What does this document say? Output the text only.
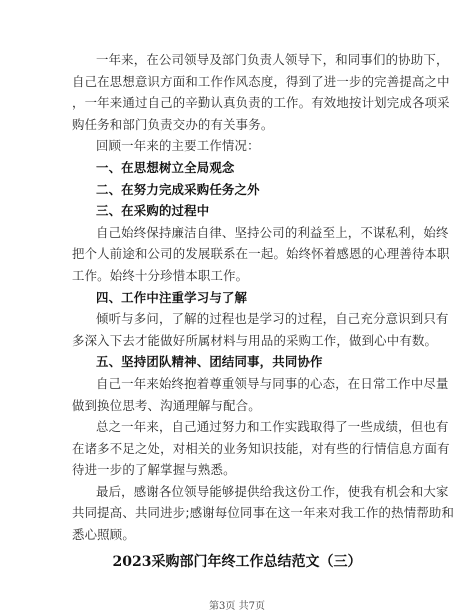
一年来，在公司领导及部门负责人领导下，和同事们的协助下，
自己在思想意识方面和工作作风态度，得到了进一步的完善提高之中
，一年来通过自己的辛勤认真负责的工作。有效地按计划完成各项采
购任务和部门负责交办的有关事务。
回顾一年来的主要工作情况：
一、在思想树立全局观念
二、在努力完成采购任务之外
三、在采购的过程中
自己始终保持廉洁自律、坚持公司的利益至上，不谋私利，始终
把个人前途和公司的发展联系在一起。始终怀着感恩的心理善待本职
工作。始终十分珍惜本职工作。
四、工作中注重学习与了解
倾听与多问，了解的过程也是学习的过程，自己充分意识到只有
多深入下去才能做好所属材料与用品的采购工作，做到心中有数。
五、坚持团队精神、团结同事，共同协作
自己一年来始终抱着尊重领导与同事的心态，在日常工作中尽量
做到换位思考、沟通理解与配合。
总之一年来，自己通过努力和工作实践取得了一些成绩，但也有
在诸多不足之处，对相关的业务知识技能，对有些的行情信息方面有
待进一步的了解掌握与熟悉。
最后，感谢各位领导能够提供给我这份工作，使我有机会和大家
共同提高、共同进步;感谢每位同事在这一年来对我工作的热情帮助和
悉心照顾。
2023采购部门年终工作总结范文（三）
第3页 共7页
